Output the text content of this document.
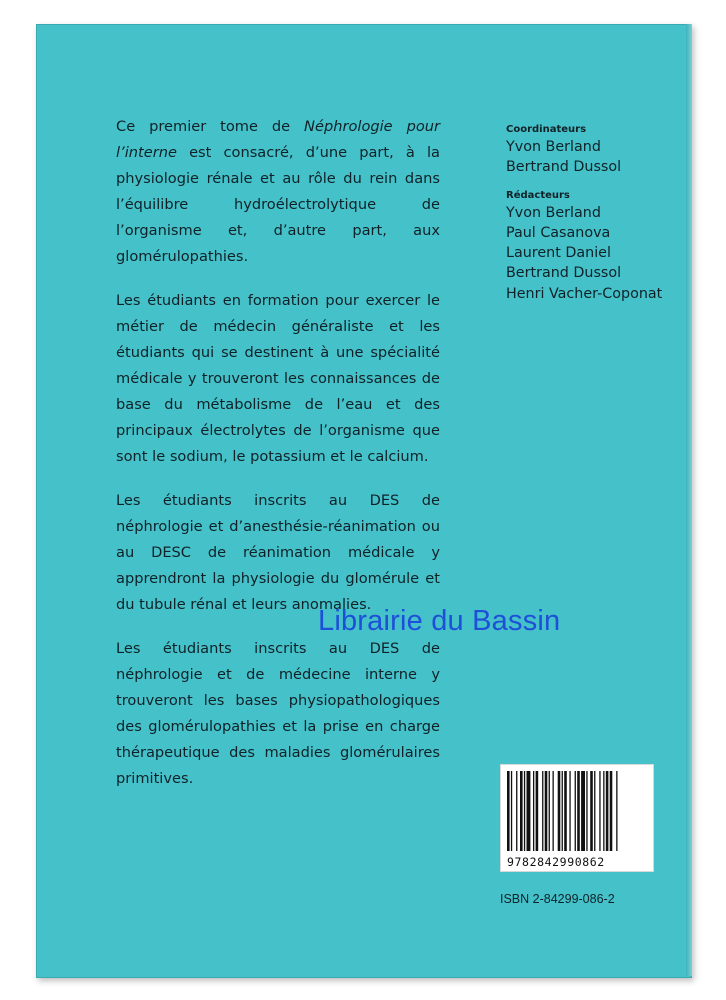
Ce premier tome de Néphrologie pour l’interne est consacré, d’une part, à la physiologie rénale et au rôle du rein dans l’équilibre hydroélectrolytique de l’organisme et, d’autre part, aux glomérulopathies.

Les étudiants en formation pour exercer le métier de médecin généraliste et les étudiants qui se destinent à une spécialité médicale y trouveront les connaissances de base du métabolisme de l’eau et des principaux électrolytes de l’organisme que sont le sodium, le potassium et le calcium.

Les étudiants inscrits au DES de néphrologie et d’anesthésie-réanimation ou au DESC de réanimation médicale y apprendront la physiologie du glomérule et du tubule rénal et leurs anomalies.

Les étudiants inscrits au DES de néphrologie et de médecine interne y trouveront les bases physiopathologiques des glomérulopathies et la prise en charge thérapeutique des maladies glomérulaires primitives.

Coordinateurs
Yvon Berland
Bertrand Dussol
Rédacteurs
Yvon Berland
Paul Casanova
Laurent Daniel
Bertrand Dussol
Henri Vacher-Coponat
9782842990862
ISBN 2-84299-086-2
Librairie du Bassin
